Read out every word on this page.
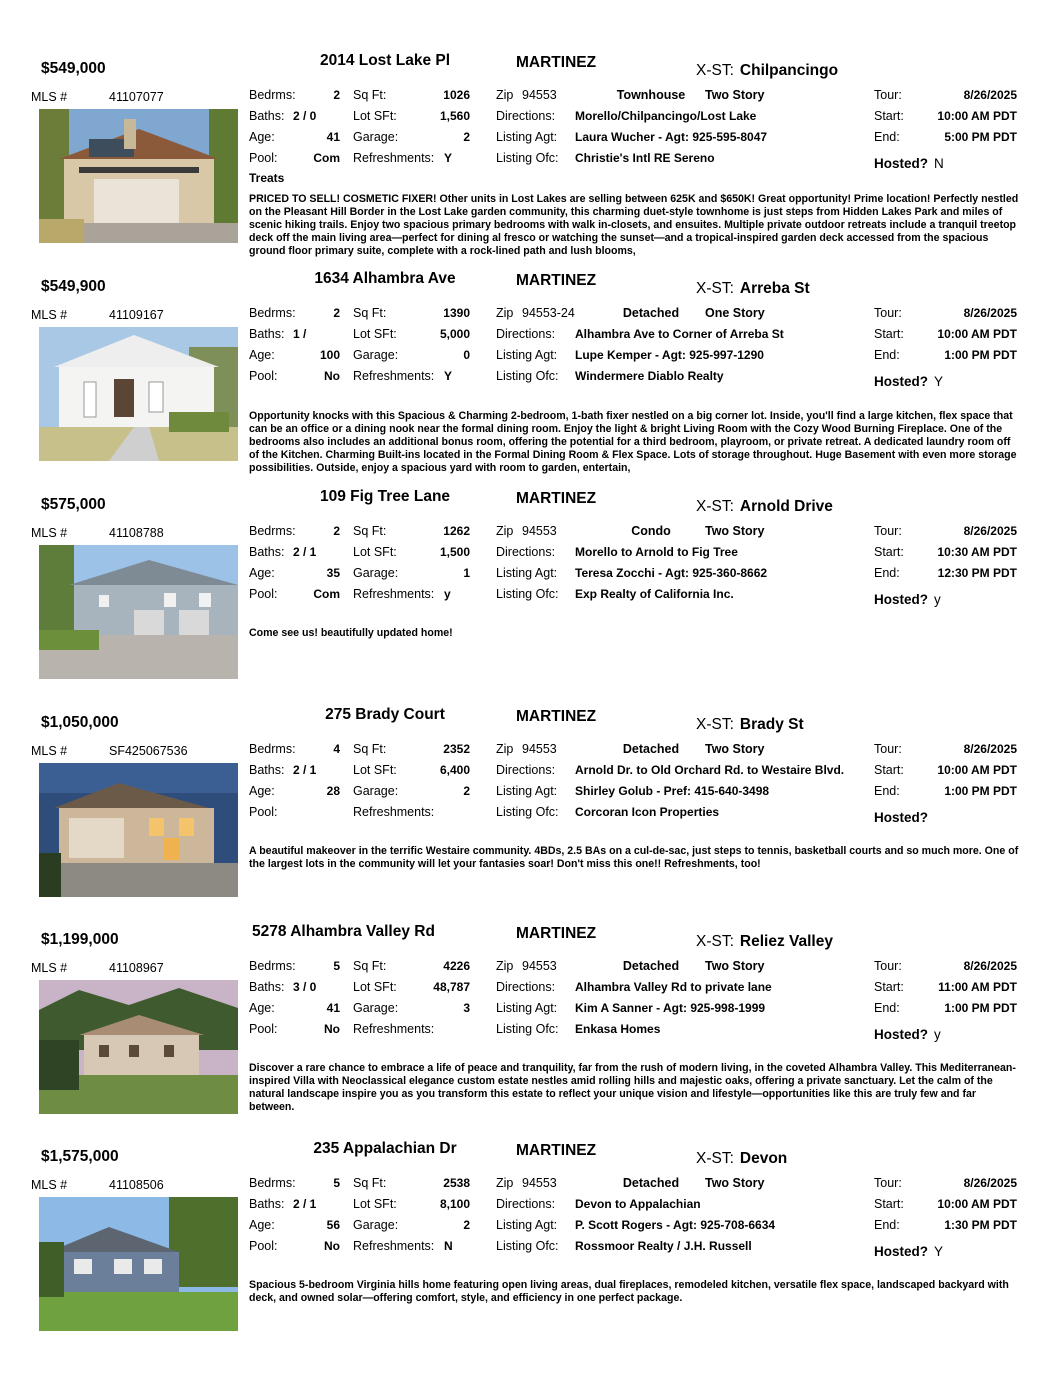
$549,000	2014 Lost Lake Pl	MARTINEZ	X-ST: Chilpancingo
MLS #	41107077	Bedrms:	2 Sq Ft:	1026
Baths: 2 / 0	Lot SFt:	1,560
Age:	41 Garage:	2
Pool:	Com Refreshments: Y
Zip 94553	Townhouse	Two Story
Directions: Morello/Chilpancingo/Lost Lake
Listing Agt: Laura Wucher - Agt: 925-595-8047
Listing Ofc: Christie's Intl RE Sereno
Tour:	8/26/2025
Start:	10:00 AM PDT
End:	5:00 PM PDT
Hosted? N
Treats
PRICED TO SELL! COSMETIC FIXER! Other units in Lost Lakes are selling between 625K and $650K! Great opportunity! Prime location! Perfectly nestled on the Pleasant Hill Border in the Lost Lake garden community, this charming duet-style townhome is just steps from Hidden Lakes Park and miles of scenic hiking trails. Enjoy two spacious primary bedrooms with walk in-closets, and ensuites. Multiple private outdoor retreats include a tranquil treetop deck off the main living area—perfect for dining al fresco or watching the sunset—and a tropical-inspired garden deck accessed from the spacious ground floor primary suite, complete with a rock-lined path and lush blooms,
$549,900	1634 Alhambra Ave	MARTINEZ	X-ST: Arreba St
MLS #	41109167	Bedrms:	2 Sq Ft:	1390
Baths: 1 /	Lot SFt:	5,000
Age:	100 Garage:	0
Pool:	No Refreshments: Y
Zip 94553-24	Detached	One Story
Directions: Alhambra Ave to Corner of Arreba St
Listing Agt: Lupe Kemper - Agt: 925-997-1290
Listing Ofc: Windermere Diablo Realty
Tour:	8/26/2025
Start:	10:00 AM PDT
End:	1:00 PM PDT
Hosted? Y
Opportunity knocks with this Spacious & Charming 2-bedroom, 1-bath fixer nestled on a big corner lot. Inside, you'll find a large kitchen, flex space that can be an office or a dining nook near the formal dining room. Enjoy the light & bright Living Room with the Cozy Wood Burning Fireplace. One of the bedrooms also includes an additional bonus room, offering the potential for a third bedroom, playroom, or private retreat. A dedicated laundry room off of the Kitchen. Charming Built-ins located in the Formal Dining Room & Flex Space. Lots of storage throughout. Huge Basement with even more storage possibilities. Outside, enjoy a spacious yard with room to garden, entertain,
$575,000	109 Fig Tree Lane	MARTINEZ	X-ST: Arnold Drive
MLS #	41108788	Bedrms:	2 Sq Ft:	1262
Baths: 2 / 1	Lot SFt:	1,500
Age:	35 Garage:	1
Pool:	Com Refreshments: y
Zip 94553	Condo	Two Story
Directions: Morello to Arnold to Fig Tree
Listing Agt: Teresa Zocchi - Agt: 925-360-8662
Listing Ofc: Exp Realty of California Inc.
Tour:	8/26/2025
Start:	10:30 AM PDT
End:	12:30 PM PDT
Hosted? y
Come see us! beautifully updated home!
$1,050,000	275 Brady Court	MARTINEZ	X-ST: Brady St
MLS #	SF425067536	Bedrms:	4 Sq Ft:	2352
Baths: 2 / 1	Lot SFt:	6,400
Age:	28 Garage:	2
Pool:	Refreshments:
Zip 94553	Detached	Two Story
Directions: Arnold Dr. to Old Orchard Rd. to Westaire Blvd.
Listing Agt: Shirley Golub - Pref: 415-640-3498
Listing Ofc: Corcoran Icon Properties
Tour:	8/26/2025
Start:	10:00 AM PDT
End:	1:00 PM PDT
Hosted?
A beautiful makeover in the terrific Westaire community. 4BDs, 2.5 BAs on a cul-de-sac, just steps to tennis, basketball courts and so much more. One of the largest lots in the community will let your fantasies soar! Don't miss this one!! Refreshments, too!
$1,199,000	5278 Alhambra Valley Rd	MARTINEZ	X-ST: Reliez Valley
MLS #	41108967	Bedrms:	5 Sq Ft:	4226
Baths: 3 / 0	Lot SFt:	48,787
Age:	41 Garage:	3
Pool:	No Refreshments:
Zip 94553	Detached	Two Story
Directions: Alhambra Valley Rd to private lane
Listing Agt: Kim A Sanner - Agt: 925-998-1999
Listing Ofc: Enkasa Homes
Tour:	8/26/2025
Start:	11:00 AM PDT
End:	1:00 PM PDT
Hosted? y
Discover a rare chance to embrace a life of peace and tranquility, far from the rush of modern living, in the coveted Alhambra Valley. This Mediterranean-inspired Villa with Neoclassical elegance custom estate nestles amid rolling hills and majestic oaks, offering a private sanctuary. Let the calm of the natural landscape inspire you as you transform this estate to reflect your unique vision and lifestyle—opportunities like this are truly few and far between.
$1,575,000	235 Appalachian Dr	MARTINEZ	X-ST: Devon
MLS #	41108506	Bedrms:	5 Sq Ft:	2538
Baths: 2 / 1	Lot SFt:	8,100
Age:	56 Garage:	2
Pool:	No Refreshments: N
Zip 94553	Detached	Two Story
Directions: Devon to Appalachian
Listing Agt: P. Scott Rogers - Agt: 925-708-6634
Listing Ofc: Rossmoor Realty / J.H. Russell
Tour:	8/26/2025
Start:	10:00 AM PDT
End:	1:30 PM PDT
Hosted? Y
Spacious 5-bedroom Virginia hills home featuring open living areas, dual fireplaces, remodeled kitchen, versatile flex space, landscaped backyard with deck, and owned solar—offering comfort, style, and efficiency in one perfect package.
